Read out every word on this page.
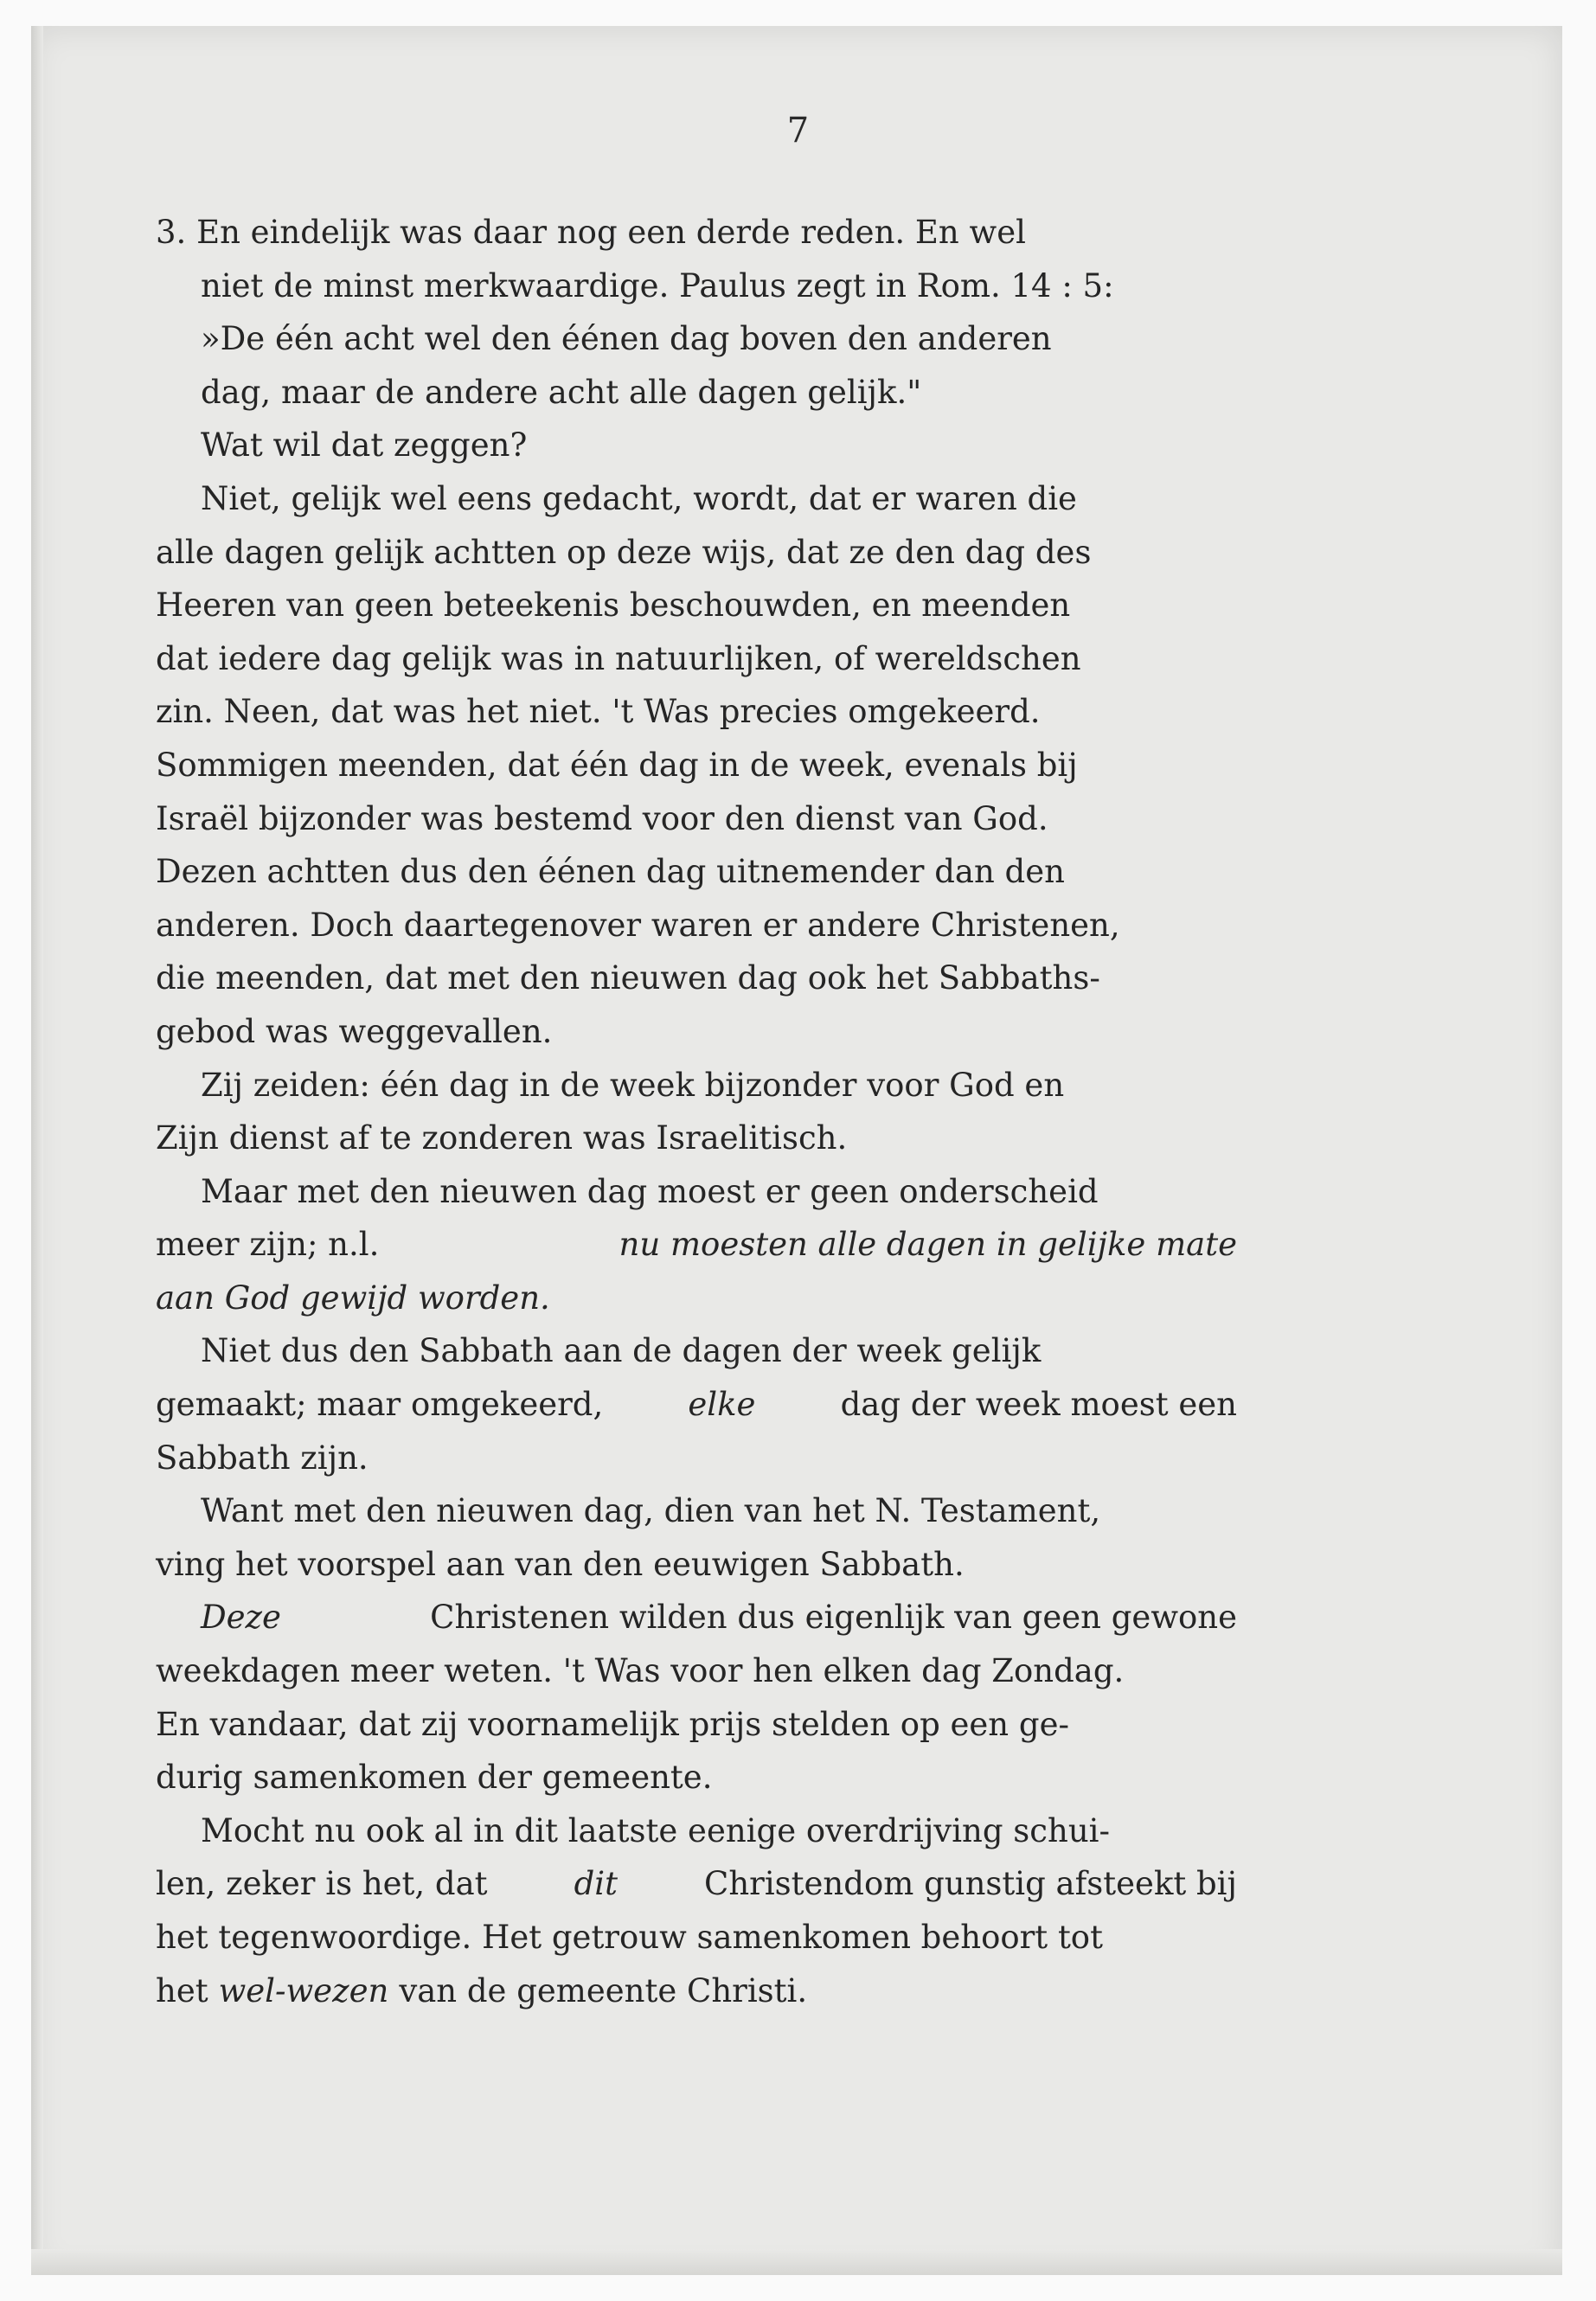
7
3. En eindelijk was daar nog een derde reden. En wel
niet de minst merkwaardige. Paulus zegt in Rom. 14 : 5:
»De één acht wel den éénen dag boven den anderen
dag, maar de andere acht alle dagen gelijk."
Wat wil dat zeggen?
Niet, gelijk wel eens gedacht, wordt, dat er waren die
alle dagen gelijk achtten op deze wijs, dat ze den dag des
Heeren van geen beteekenis beschouwden, en meenden
dat iedere dag gelijk was in natuurlijken, of wereldschen
zin. Neen, dat was het niet. 't Was precies omgekeerd.
Sommigen meenden, dat één dag in de week, evenals bij
Israël bijzonder was bestemd voor den dienst van God.
Dezen achtten dus den éénen dag uitnemender dan den
anderen. Doch daartegenover waren er andere Christenen,
die meenden, dat met den nieuwen dag ook het Sabbaths-
gebod was weggevallen.
Zij zeiden: één dag in de week bijzonder voor God en
Zijn dienst af te zonderen was Israelitisch.
Maar met den nieuwen dag moest er geen onderscheid
meer zijn; n.l.	nu moesten alle dagen in gelijke mate
aan God gewijd worden.
Niet dus den Sabbath aan de dagen der week gelijk
gemaakt; maar omgekeerd,	elke	dag der week moest een
Sabbath zijn.
Want met den nieuwen dag, dien van het N. Testament,
ving het voorspel aan van den eeuwigen Sabbath.
Deze	Christenen wilden dus eigenlijk van geen gewone
weekdagen meer weten. 't Was voor hen elken dag Zondag.
En vandaar, dat zij voornamelijk prijs stelden op een ge-
durig samenkomen der gemeente.
Mocht nu ook al in dit laatste eenige overdrijving schui-
len, zeker is het, dat	dit	Christendom gunstig afsteekt bij
het tegenwoordige. Het getrouw samenkomen behoort tot
het wel-wezen van de gemeente Christi.
